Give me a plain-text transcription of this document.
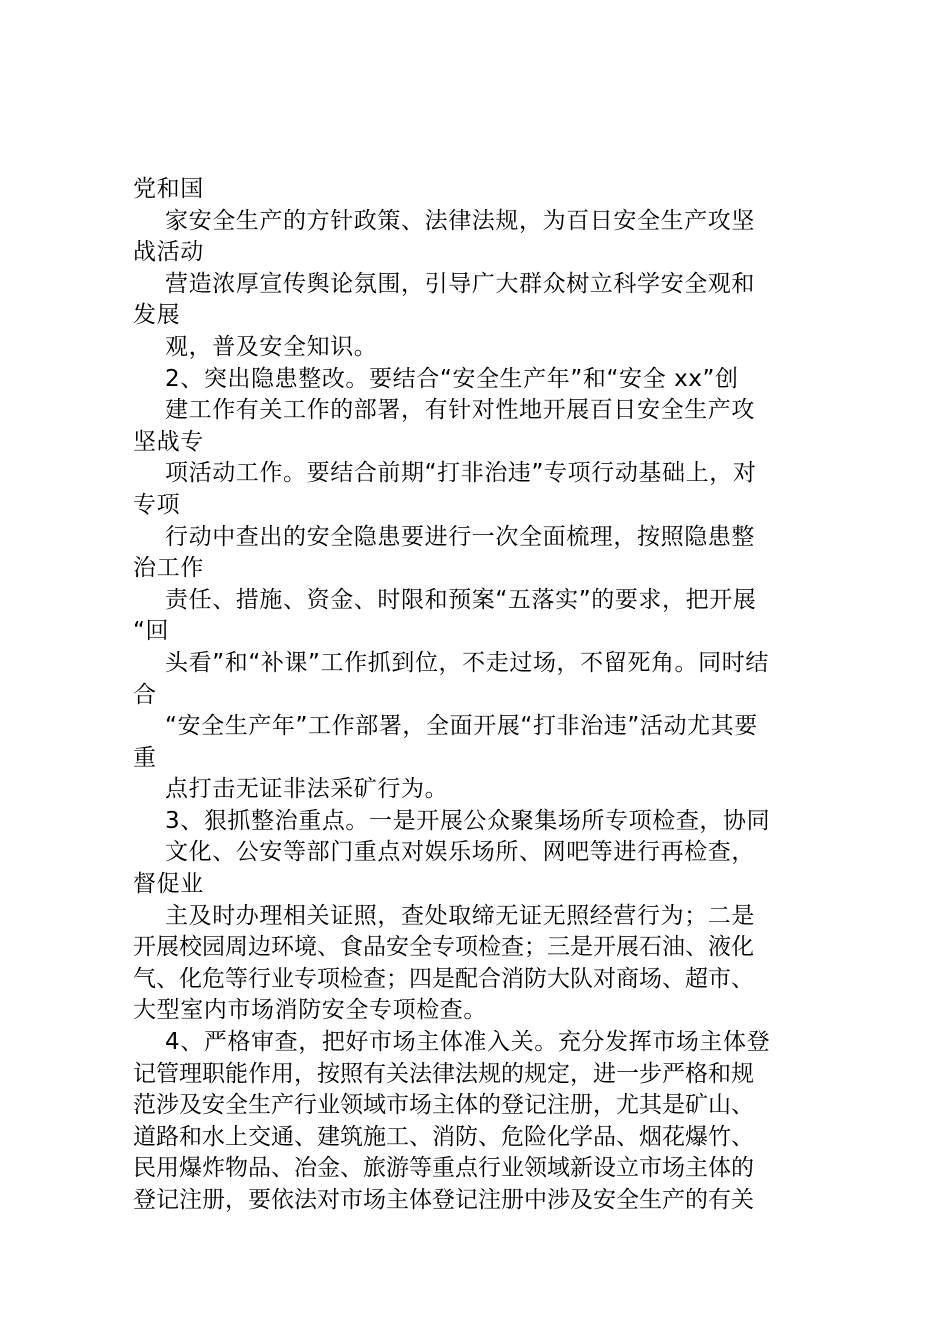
党和国
家安全生产的方针政策、法律法规，为百日安全生产攻坚
战活动
营造浓厚宣传舆论氛围，引导广大群众树立科学安全观和
发展
观，普及安全知识。
2、突出隐患整改。要结合“安全生产年”和“安全 xx”创
建工作有关工作的部署，有针对性地开展百日安全生产攻
坚战专
项活动工作。要结合前期“打非治违”专项行动基础上，对
专项
行动中查出的安全隐患要进行一次全面梳理，按照隐患整
治工作
责任、措施、资金、时限和预案“五落实”的要求，把开展
“回
头看”和“补课”工作抓到位，不走过场，不留死角。同时结
合
“安全生产年”工作部署，全面开展“打非治违”活动尤其要
重
点打击无证非法采矿行为。
3、狠抓整治重点。一是开展公众聚集场所专项检查，协同
文化、公安等部门重点对娱乐场所、网吧等进行再检查，
督促业
主及时办理相关证照，查处取缔无证无照经营行为；二是
开展校园周边环境、食品安全专项检查；三是开展石油、液化
气、化危等行业专项检查；四是配合消防大队对商场、超市、
大型室内市场消防安全专项检查。
4、严格审查，把好市场主体准入关。充分发挥市场主体登
记管理职能作用，按照有关法律法规的规定，进一步严格和规
范涉及安全生产行业领域市场主体的登记注册，尤其是矿山、
道路和水上交通、建筑施工、消防、危险化学品、烟花爆竹、
民用爆炸物品、冶金、旅游等重点行业领域新设立市场主体的
登记注册，要依法对市场主体登记注册中涉及安全生产的有关
